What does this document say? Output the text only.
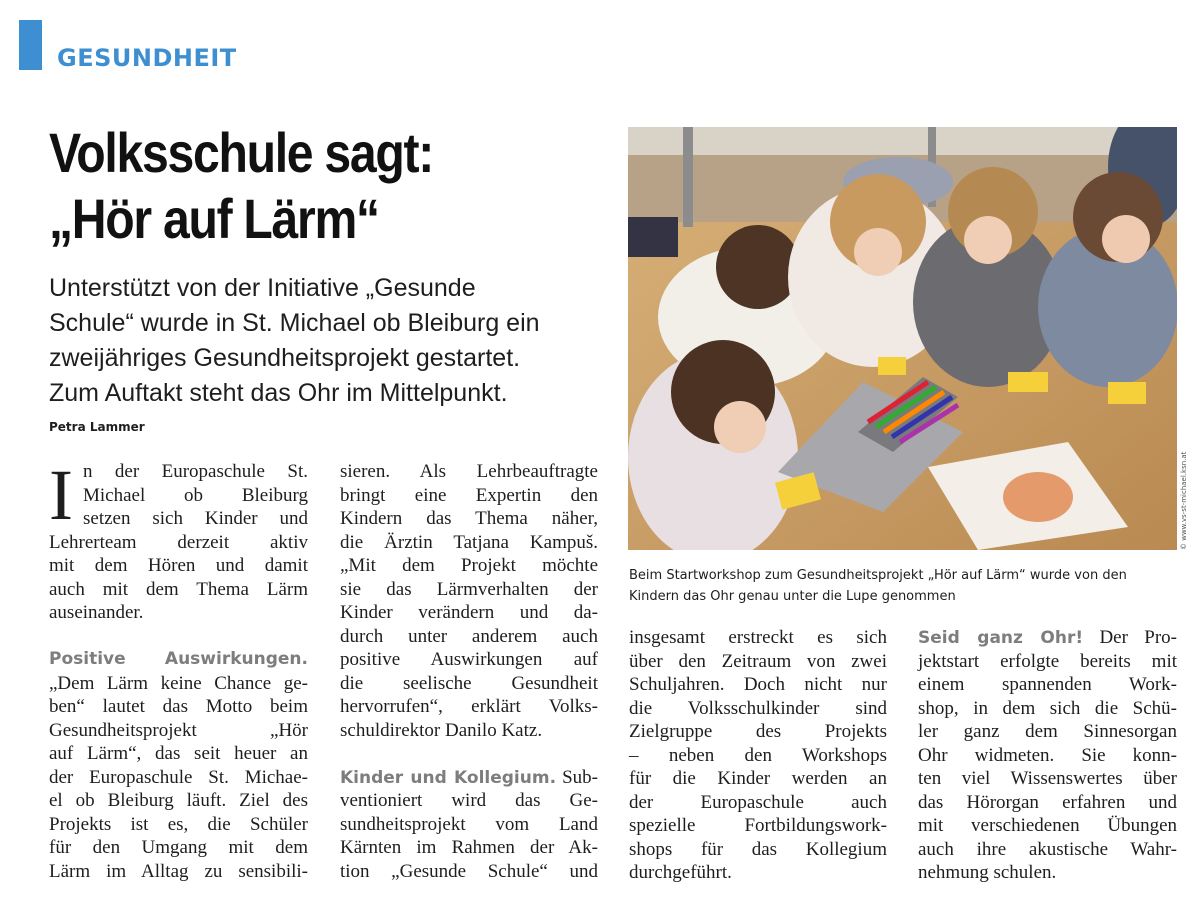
GESUNDHEIT
Volksschule sagt:
„Hör auf Lärm“
Unterstützt von der Initiative „Gesunde
Schule“ wurde in St. Michael ob Bleiburg ein
zweijähriges Gesundheitsprojekt gestartet.
Zum Auftakt steht das Ohr im Mittelpunkt.
Petra Lammer
I n der Europaschule St.
Michael ob Bleiburg
setzen sich Kinder und
Lehrerteam derzeit aktiv
mit dem Hören und damit
auch mit dem Thema Lärm
auseinander.
Positive Auswirkungen.
„Dem Lärm keine Chance ge-
ben“ lautet das Motto beim
Gesundheitsprojekt „Hör
auf Lärm“, das seit heuer an
der Europaschule St. Michae-
el ob Bleiburg läuft. Ziel des
Projekts ist es, die Schüler
für den Umgang mit dem
Lärm im Alltag zu sensibili-
sieren. Als Lehrbeauftragte
bringt eine Expertin den
Kindern das Thema näher,
die Ärztin Tatjana Kampuš.
„Mit dem Projekt möchte
sie das Lärmverhalten der
Kinder verändern und da-
durch unter anderem auch
positive Auswirkungen auf
die seelische Gesundheit
hervorrufen“, erklärt Volks-
schuldirektor Danilo Katz.
Kinder und Kollegium. Sub-
ventioniert wird das Ge-
sundheitsprojekt vom Land
Kärnten im Rahmen der Ak-
tion „Gesunde Schule“ und
© www.vs-st-michael.ksn.at
Beim Startworkshop zum Gesundheitsprojekt „Hör auf Lärm“ wurde von den
Kindern das Ohr genau unter die Lupe genommen
insgesamt erstreckt es sich
über den Zeitraum von zwei
Schuljahren. Doch nicht nur
die Volksschulkinder sind
Zielgruppe des Projekts
– neben den Workshops
für die Kinder werden an
der Europaschule auch
spezielle Fortbildungswork-
shops für das Kollegium
durchgeführt.
Seid ganz Ohr! Der Pro-
jektstart erfolgte bereits mit
einem spannenden Work-
shop, in dem sich die Schü-
ler ganz dem Sinnesorgan
Ohr widmeten. Sie konn-
ten viel Wissenswertes über
das Hörorgan erfahren und
mit verschiedenen Übungen
auch ihre akustische Wahr-
nehmung schulen.
